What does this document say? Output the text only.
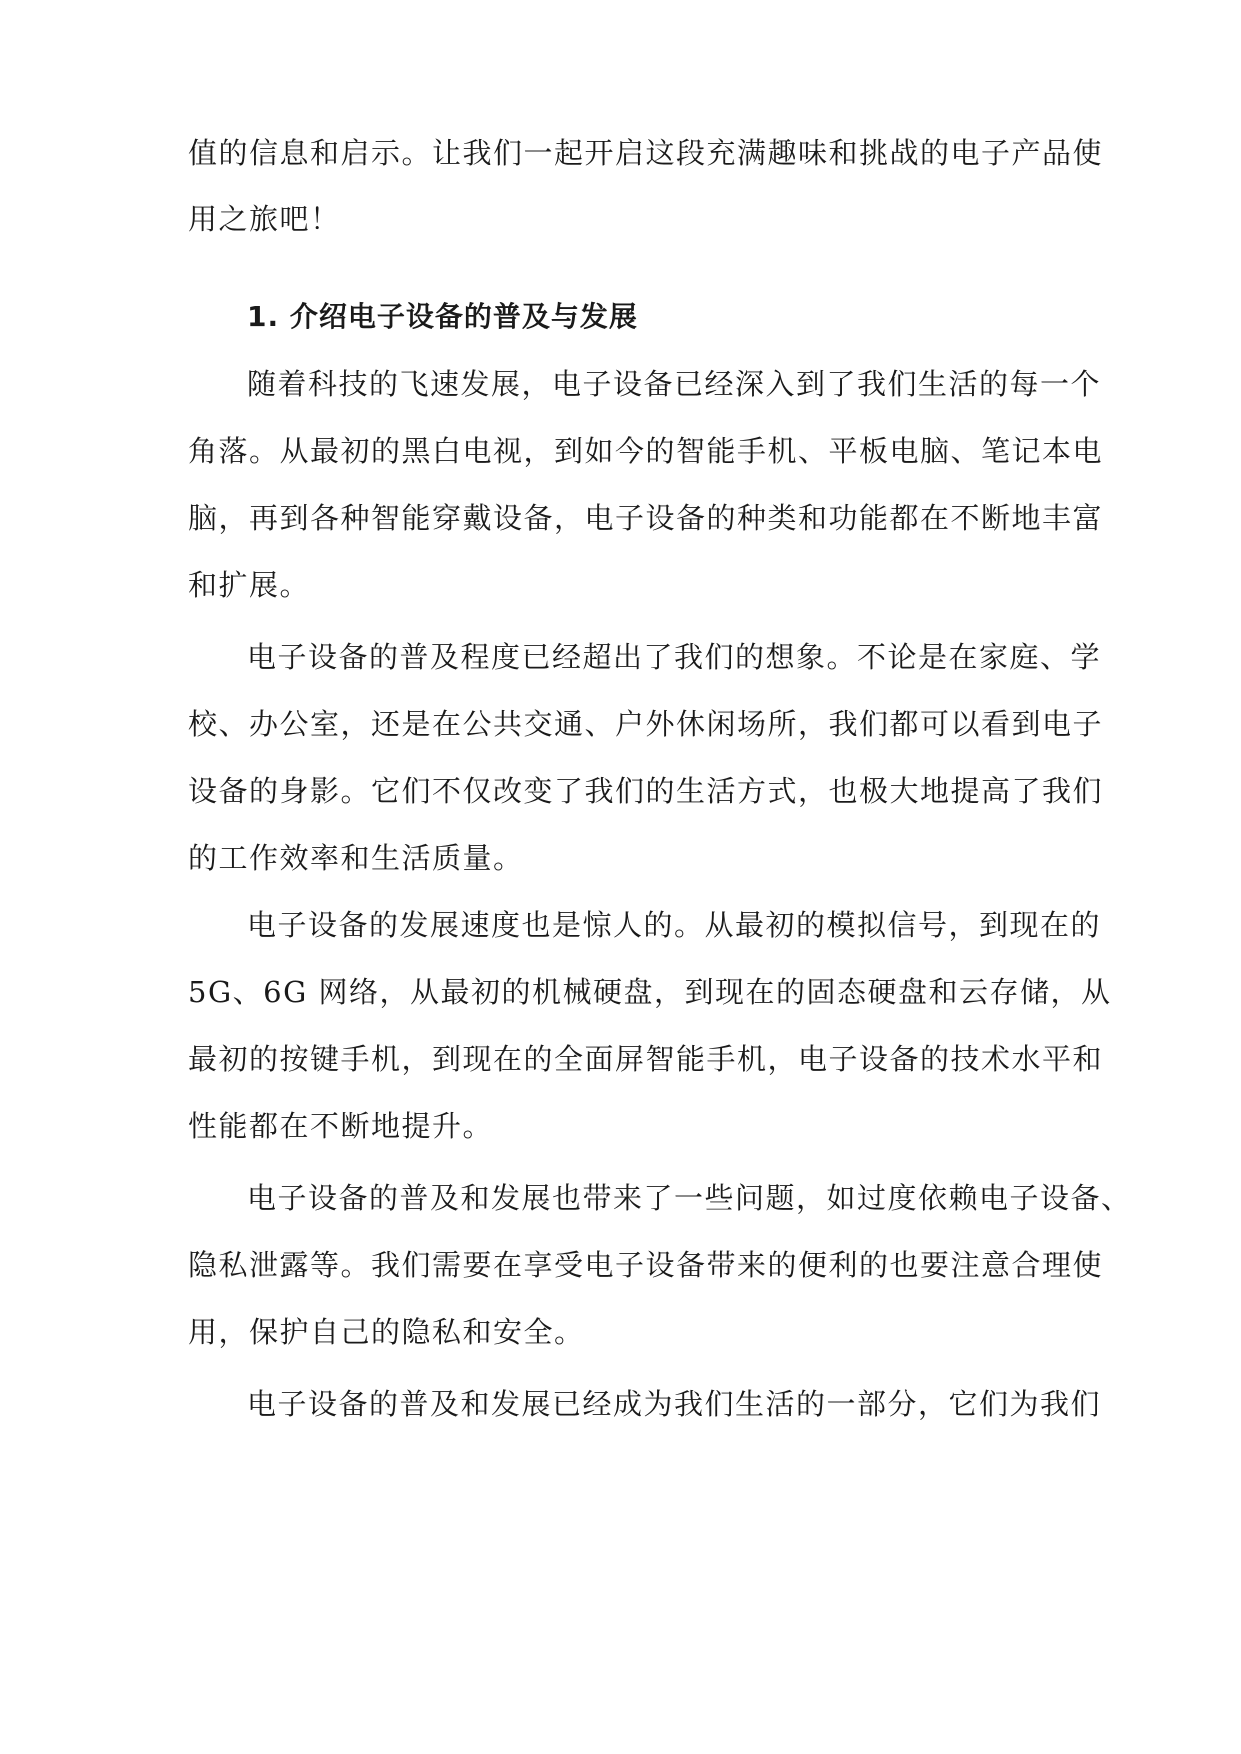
值的信息和启示。让我们一起开启这段充满趣味和挑战的电子产品使
用之旅吧！
1. 介绍电子设备的普及与发展
随着科技的飞速发展，电子设备已经深入到了我们生活的每一个
角落。从最初的黑白电视，到如今的智能手机、平板电脑、笔记本电
脑，再到各种智能穿戴设备，电子设备的种类和功能都在不断地丰富
和扩展。
电子设备的普及程度已经超出了我们的想象。不论是在家庭、学
校、办公室，还是在公共交通、户外休闲场所，我们都可以看到电子
设备的身影。它们不仅改变了我们的生活方式，也极大地提高了我们
的工作效率和生活质量。
电子设备的发展速度也是惊人的。从最初的模拟信号，到现在的
5G、6G 网络，从最初的机械硬盘，到现在的固态硬盘和云存储，从
最初的按键手机，到现在的全面屏智能手机，电子设备的技术水平和
性能都在不断地提升。
电子设备的普及和发展也带来了一些问题，如过度依赖电子设备、
隐私泄露等。我们需要在享受电子设备带来的便利的也要注意合理使
用，保护自己的隐私和安全。
电子设备的普及和发展已经成为我们生活的一部分，它们为我们
